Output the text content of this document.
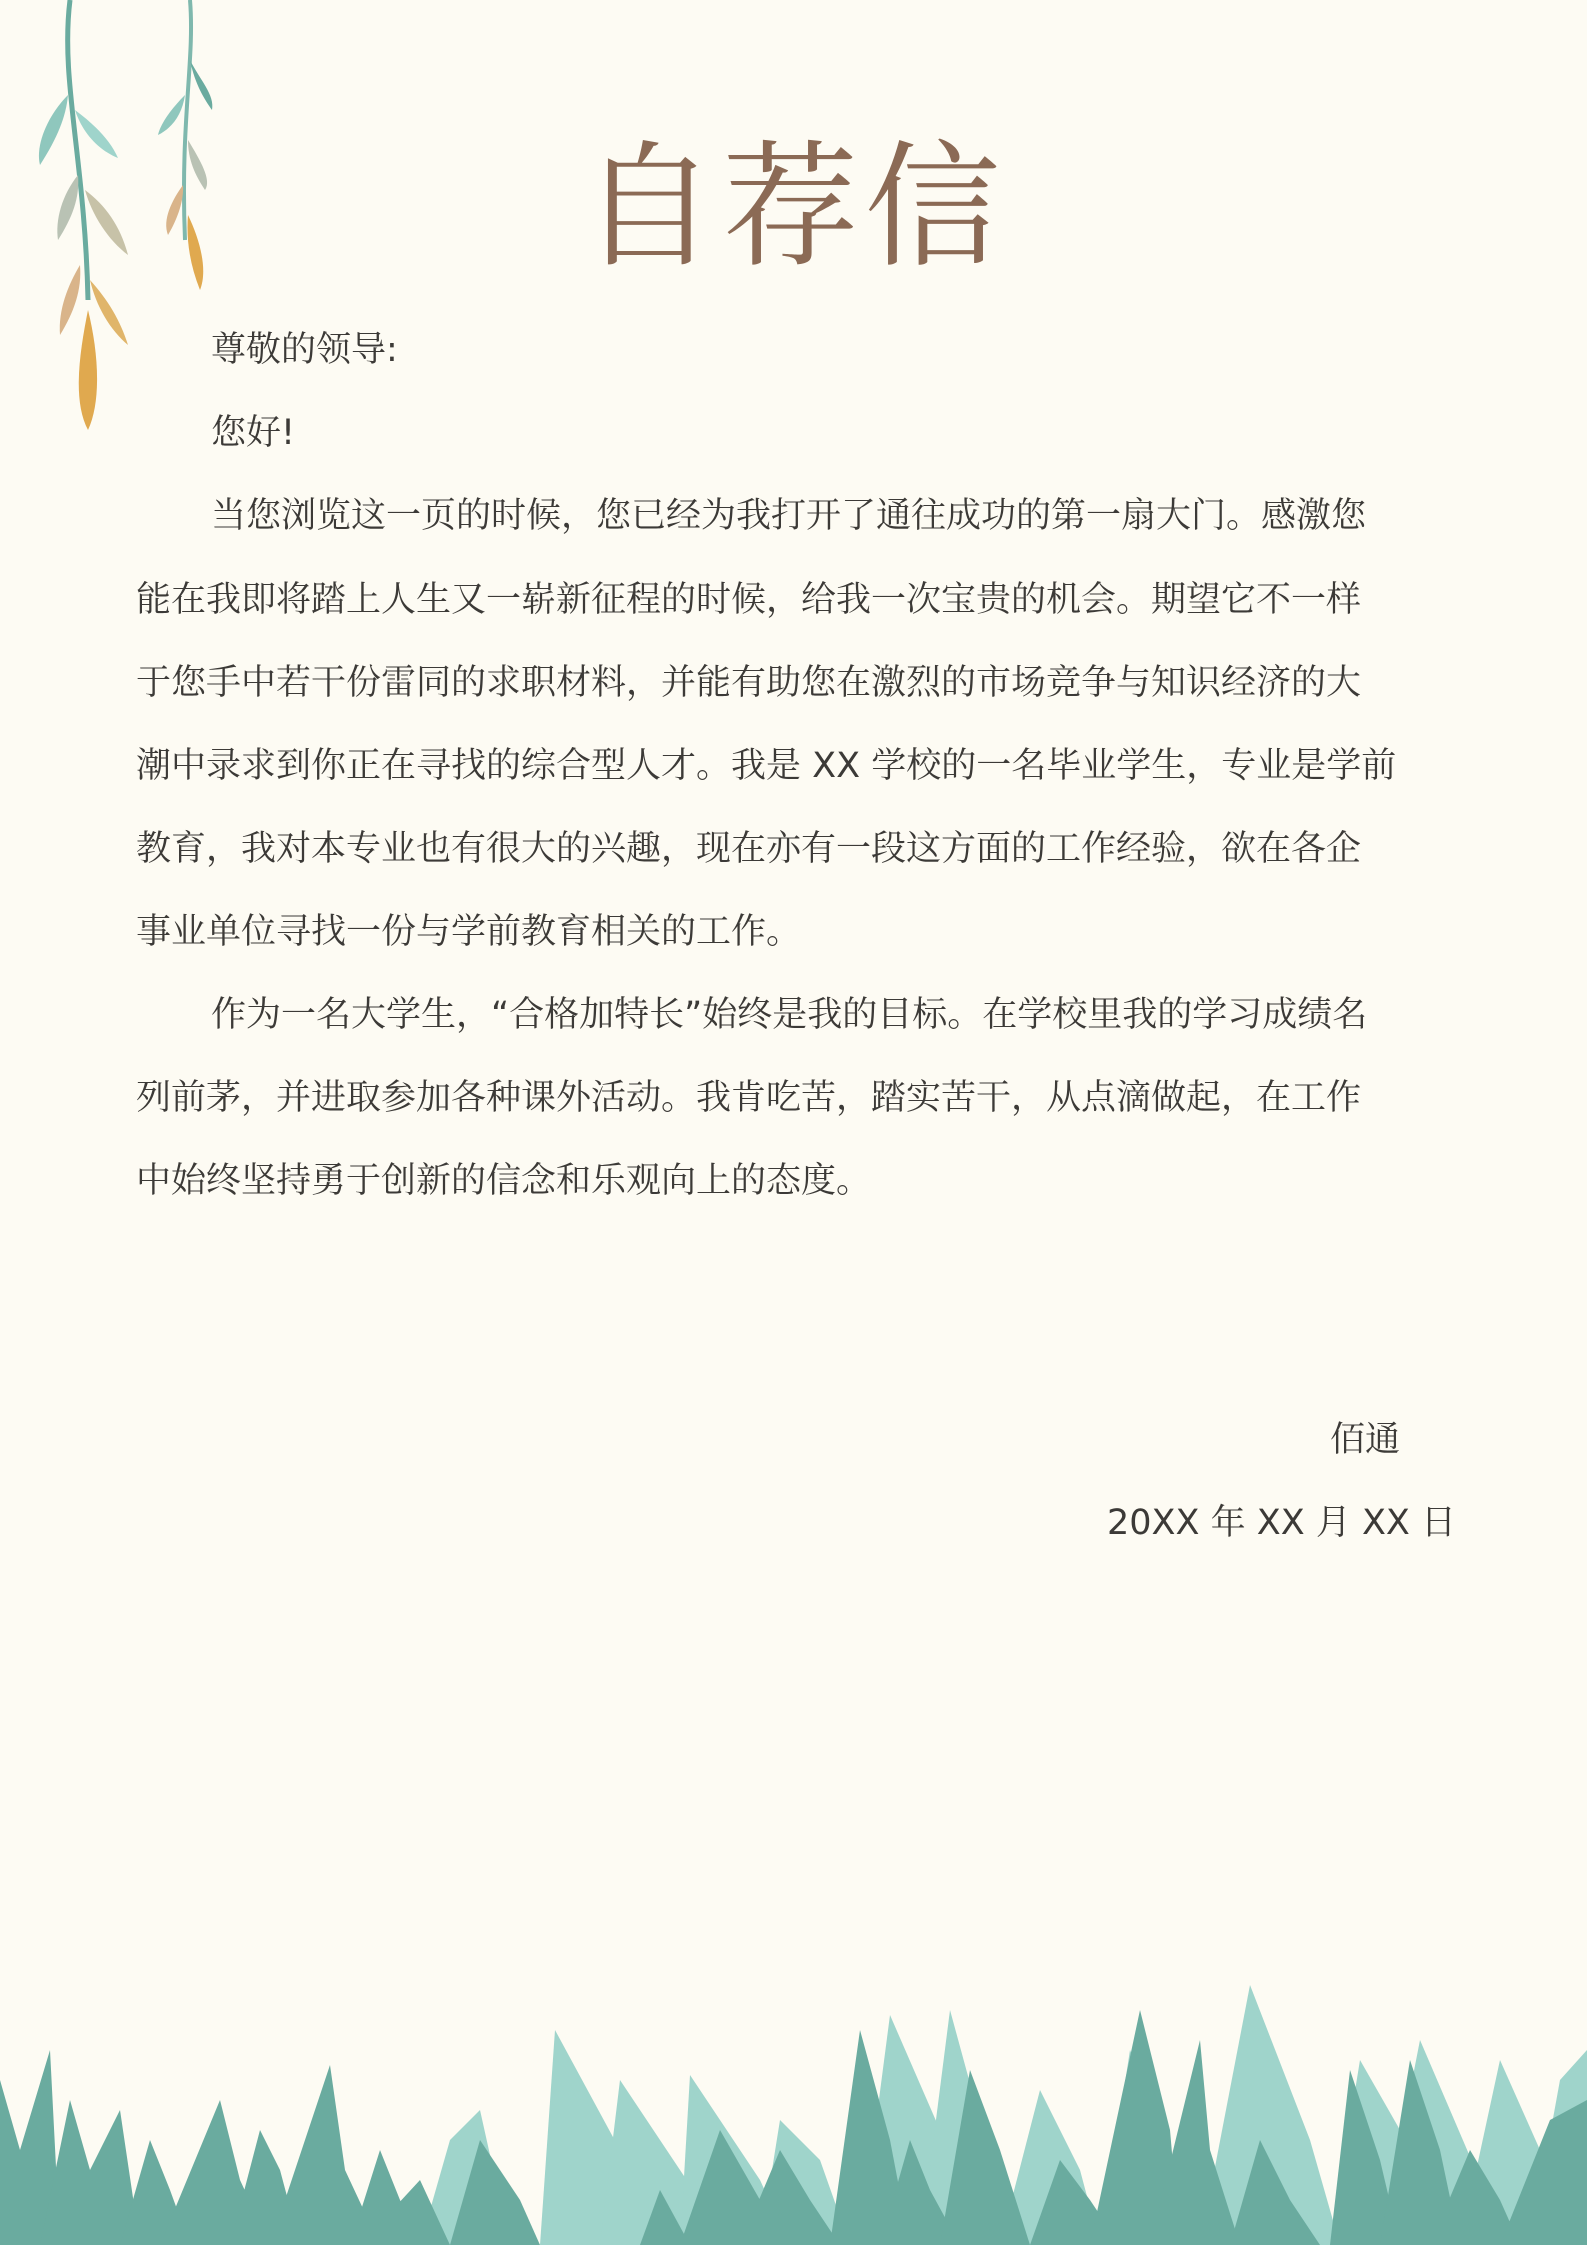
自荐信
尊敬的领导:
您好!
当您浏览这一页的时候，您已经为我打开了通往成功的第一扇大门。感激您
能在我即将踏上人生又一崭新征程的时候，给我一次宝贵的机会。期望它不一样
于您手中若干份雷同的求职材料，并能有助您在激烈的市场竞争与知识经济的大
潮中录求到你正在寻找的综合型人才。我是 XX 学校的一名毕业学生，专业是学前
教育，我对本专业也有很大的兴趣，现在亦有一段这方面的工作经验，欲在各企
事业单位寻找一份与学前教育相关的工作。
作为一名大学生，“合格加特长”始终是我的目标。在学校里我的学习成绩名
列前茅，并进取参加各种课外活动。我肯吃苦，踏实苦干，从点滴做起，在工作
中始终坚持勇于创新的信念和乐观向上的态度。
佰通
20XX 年 XX 月 XX 日
